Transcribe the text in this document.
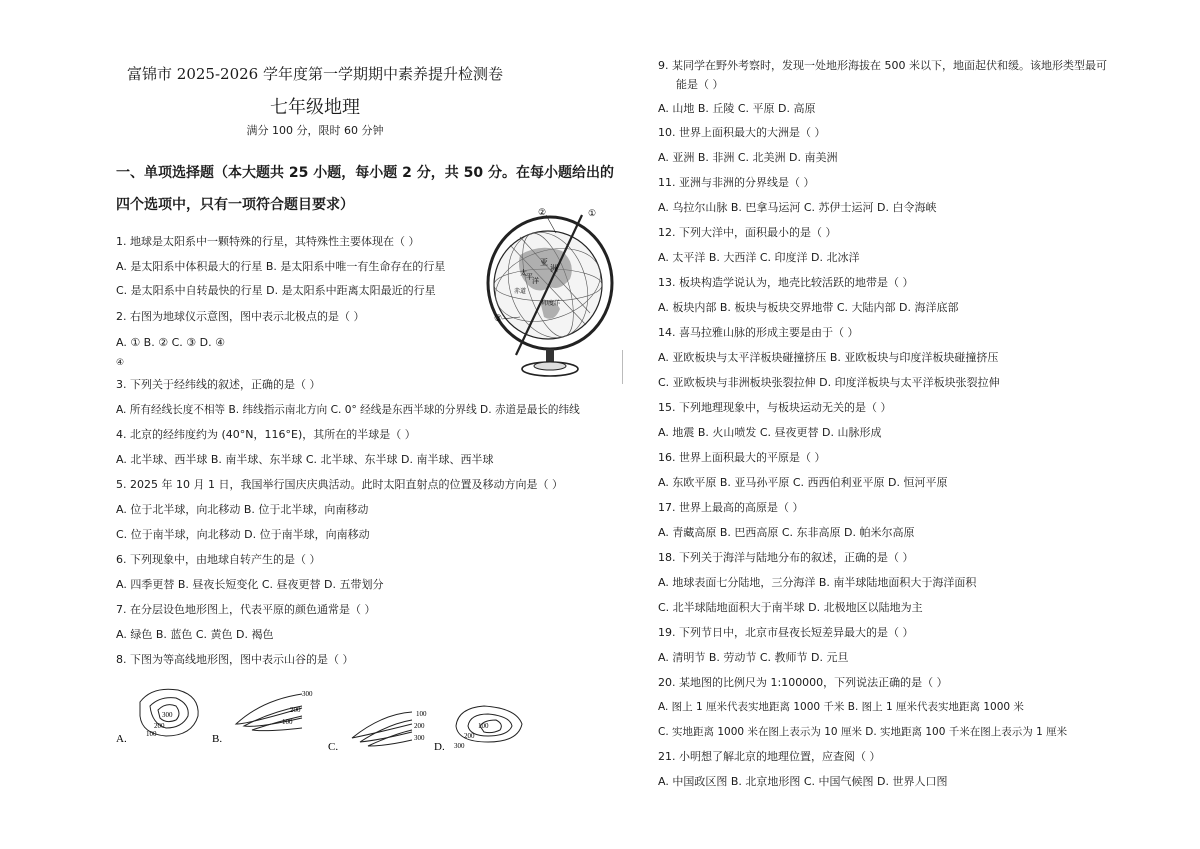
富锦市 2025-2026 学年度第一学期期中素养提升检测卷
七年级地理
满分 100 分，限时 60 分钟
一、单项选择题（本大题共 25 小题，每小题 2 分，共 50 分。在每小题给出的
四个选项中，只有一项符合题目要求）
1. 地球是太阳系中一颗特殊的行星，其特殊性主要体现在（ ）
A. 是太阳系中体积最大的行星 B. 是太阳系中唯一有生命存在的行星
C. 是太阳系中自转最快的行星 D. 是太阳系中距离太阳最近的行星
2. 右图为地球仪示意图，图中表示北极点的是（ ）
A. ① B. ② C. ③ D. ④
④
3. 下列关于经纬线的叙述，正确的是（ ）
A. 所有经线长度不相等 B. 纬线指示南北方向 C. 0° 经线是东西半球的分界线 D. 赤道是最长的纬线
4. 北京的经纬度约为 (40°N，116°E)，其所在的半球是（ ）
A. 北半球、西半球 B. 南半球、东半球 C. 北半球、东半球 D. 南半球、西半球
5. 2025 年 10 月 1 日，我国举行国庆庆典活动。此时太阳直射点的位置及移动方向是（ ）
A. 位于北半球，向北移动 B. 位于北半球，向南移动
C. 位于南半球，向北移动 D. 位于南半球，向南移动
6. 下列现象中，由地球自转产生的是（ ）
A. 四季更替 B. 昼夜长短变化 C. 昼夜更替 D. 五带划分
7. 在分层设色地形图上，代表平原的颜色通常是（ ）
A. 绿色 B. 蓝色 C. 黄色 D. 褐色
8. 下图为等高线地形图，图中表示山谷的是（ ）
亚
洲
太 平 洋
印度洋
赤道
①
②
③
A.
300
200
100	B.
300
200
100
C.
100
200
300
D.
100
200
300
9. 某同学在野外考察时，发现一处地形海拔在 500 米以下，地面起伏和缓。该地形类型最可
能是（ ）
A. 山地 B. 丘陵 C. 平原 D. 高原
10. 世界上面积最大的大洲是（ ）
A. 亚洲 B. 非洲 C. 北美洲 D. 南美洲
11. 亚洲与非洲的分界线是（ ）
A. 乌拉尔山脉 B. 巴拿马运河 C. 苏伊士运河 D. 白令海峡
12. 下列大洋中，面积最小的是（ ）
A. 太平洋 B. 大西洋 C. 印度洋 D. 北冰洋
13. 板块构造学说认为，地壳比较活跃的地带是（ ）
A. 板块内部 B. 板块与板块交界地带 C. 大陆内部 D. 海洋底部
14. 喜马拉雅山脉的形成主要是由于（ ）
A. 亚欧板块与太平洋板块碰撞挤压 B. 亚欧板块与印度洋板块碰撞挤压
C. 亚欧板块与非洲板块张裂拉伸 D. 印度洋板块与太平洋板块张裂拉伸
15. 下列地理现象中，与板块运动无关的是（ ）
A. 地震 B. 火山喷发 C. 昼夜更替 D. 山脉形成
16. 世界上面积最大的平原是（ ）
A. 东欧平原 B. 亚马孙平原 C. 西西伯利亚平原 D. 恒河平原
17. 世界上最高的高原是（ ）
A. 青藏高原 B. 巴西高原 C. 东非高原 D. 帕米尔高原
18. 下列关于海洋与陆地分布的叙述，正确的是（ ）
A. 地球表面七分陆地，三分海洋 B. 南半球陆地面积大于海洋面积
C. 北半球陆地面积大于南半球 D. 北极地区以陆地为主
19. 下列节日中，北京市昼夜长短差异最大的是（ ）
A. 清明节 B. 劳动节 C. 教师节 D. 元旦
20. 某地图的比例尺为 1:100000，下列说法正确的是（ ）
A. 图上 1 厘米代表实地距离 1000 千米 B. 图上 1 厘米代表实地距离 1000 米
C. 实地距离 1000 米在图上表示为 10 厘米 D. 实地距离 100 千米在图上表示为 1 厘米
21. 小明想了解北京的地理位置，应查阅（ ）
A. 中国政区图 B. 北京地形图 C. 中国气候图 D. 世界人口图
